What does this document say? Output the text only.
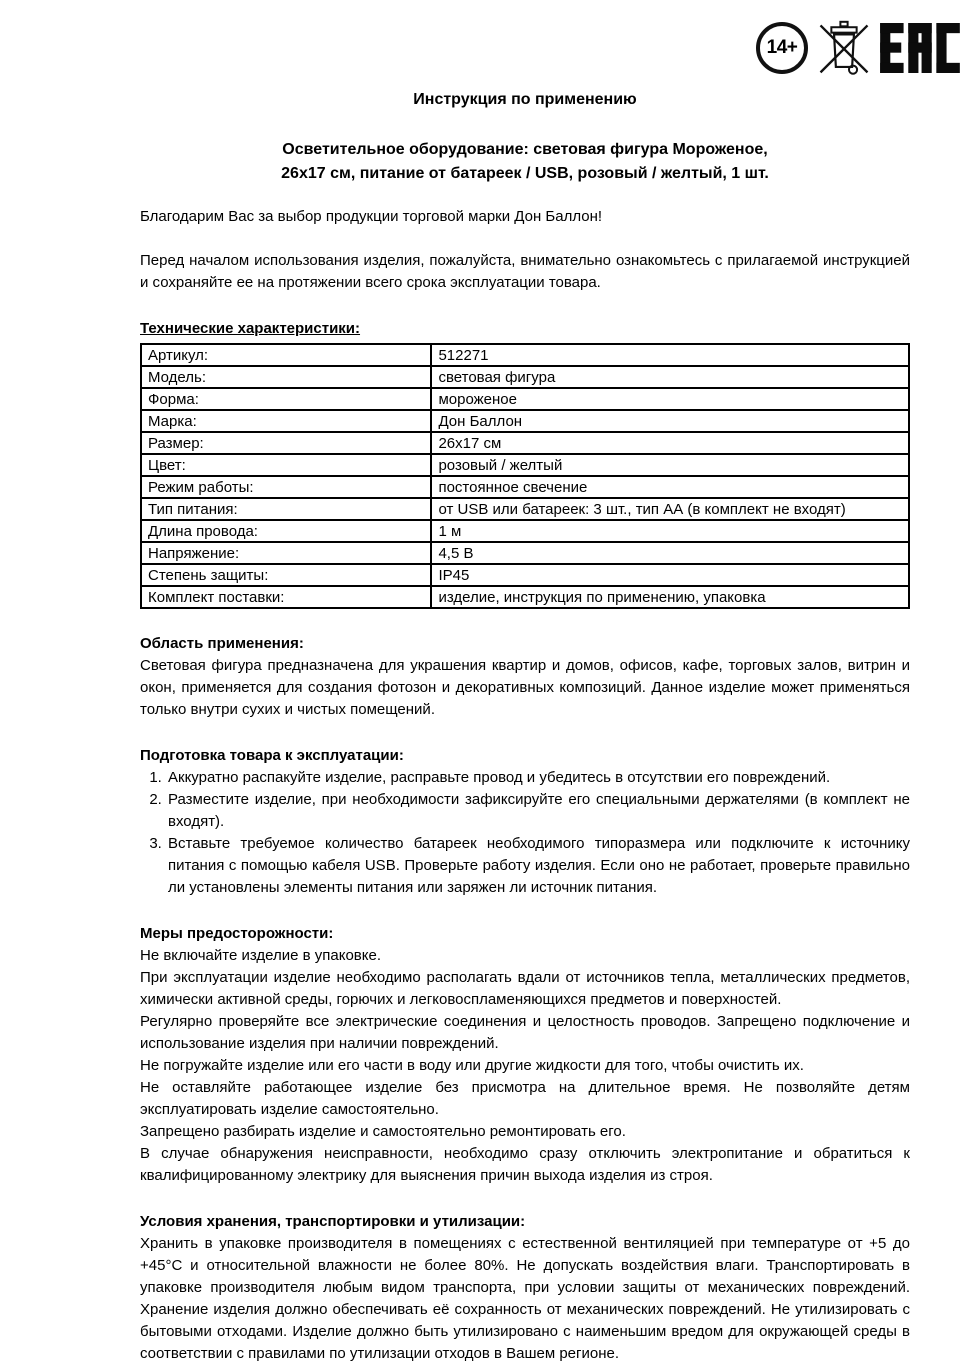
14+
Инструкция по применению
Осветительное оборудование: световая фигура Мороженое,
26х17 см, питание от батареек / USB, розовый / желтый, 1 шт.

Благодарим Вас за выбор продукции торговой марки Дон Баллон!

Перед началом использования изделия, пожалуйста, внимательно ознакомьтесь с прилагаемой инструкцией и сохраняйте ее на протяжении всего срока эксплуатации товара.

Технические характеристики:
Артикул:	512271
Модель:	световая фигура
Форма:	мороженое
Марка:	Дон Баллон
Размер:	26х17 см
Цвет:	розовый / желтый
Режим работы:	постоянное свечение
Тип питания:	от USB или батареек: 3 шт., тип АА (в комплект не входят)
Длина провода:	1 м
Напряжение:	4,5 В
Степень защиты:	IP45
Комплект поставки:	изделие, инструкция по применению, упаковка
Область применения:

Световая фигура предназначена для украшения квартир и домов, офисов, кафе, торговых залов, витрин и окон, применяется для создания фотозон и декоративных композиций. Данное изделие может применяться только внутри сухих и чистых помещений.

Подготовка товара к эксплуатации:
1. Аккуратно распакуйте изделие, расправьте провод и убедитесь в отсутствии его повреждений.
2. Разместите изделие, при необходимости зафиксируйте его специальными держателями (в комплект не входят).
3. Вставьте требуемое количество батареек необходимого типоразмера или подключите к источнику питания с помощью кабеля USB. Проверьте работу изделия. Если оно не работает, проверьте правильно ли установлены элементы питания или заряжен ли источник питания.
Меры предосторожности:

Не включайте изделие в упаковке.

При эксплуатации изделие необходимо располагать вдали от источников тепла, металлических предметов, химически активной среды, горючих и легковоспламеняющихся предметов и поверхностей.

Регулярно проверяйте все электрические соединения и целостность проводов. Запрещено подключение и использование изделия при наличии повреждений.

Не погружайте изделие или его части в воду или другие жидкости для того, чтобы очистить их.

Не оставляйте работающее изделие без присмотра на длительное время. Не позволяйте детям эксплуатировать изделие самостоятельно.

Запрещено разбирать изделие и самостоятельно ремонтировать его.

В случае обнаружения неисправности, необходимо сразу отключить электропитание и обратиться к квалифицированному электрику для выяснения причин выхода изделия из строя.

Условия хранения, транспортировки и утилизации:

Хранить в упаковке производителя в помещениях с естественной вентиляцией при температуре от +5 до +45°С и относительной влажности не более 80%. Не допускать воздействия влаги. Транспортировать в упаковке производителя любым видом транспорта, при условии защиты от механических повреждений. Хранение изделия должно обеспечивать её сохранность от механических повреждений. Не утилизировать с бытовыми отходами. Изделие должно быть утилизировано с наименьшим вредом для окружающей среды в соответствии с правилами по утилизации отходов в Вашем регионе.
